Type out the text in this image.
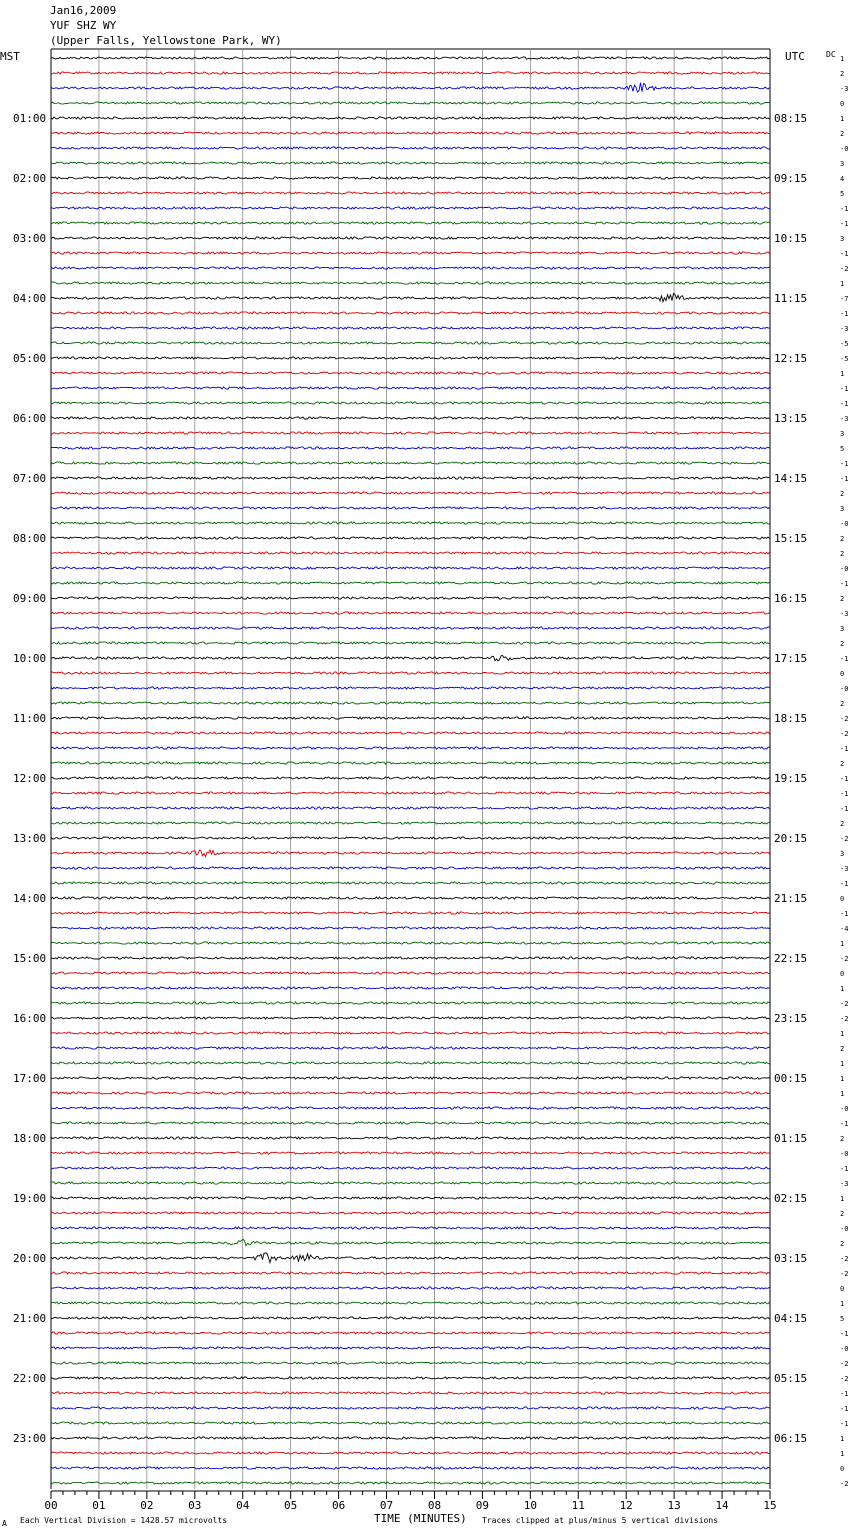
Jan16,2009
YUF SHZ WY
(Upper Falls, Yellowstone Park, WY)
MST	UTC	DC
00	01	02	03	04	05	06	07	08	09	10	11	12	13	14	15
1
2
-3
0
1
01:00	08:15
2
-0
3
4
02:00	09:15
5
-1
-1
3
03:00	10:15
-1
-2
1
-7
04:00	11:15
-1
-3
-5
-5
05:00	12:15
1
-1
-1
-3
06:00	13:15
3
5
-1
-1
07:00	14:15
2
3
-0
2
08:00	15:15
2
-0
-1
2
09:00	16:15
-3
3
2
-1
10:00	17:15
0
-0
2
-2
11:00	18:15
-2
-1
2
-1
12:00	19:15
-1
-1
2
-2
13:00	20:15
3
-3
-1
0
14:00	21:15
-1
-4
1
-2
15:00	22:15
0
1
-2
-2
16:00	23:15
1
2
1
1
17:00	00:15
1
-0
-1
2
18:00	01:15
-0
-1
-3
1
19:00	02:15
2
-0
2
-2
20:00	03:15
-2
0
1
5
21:00	04:15
-1
-0
-2
-2
22:00	05:15
-1
-1
-1
1
23:00	06:15
1
0
-2
A Each Vertical Division = 1428.57 microvolts	TIME (MINUTES) Traces clipped at plus/minus 5 vertical divisions
